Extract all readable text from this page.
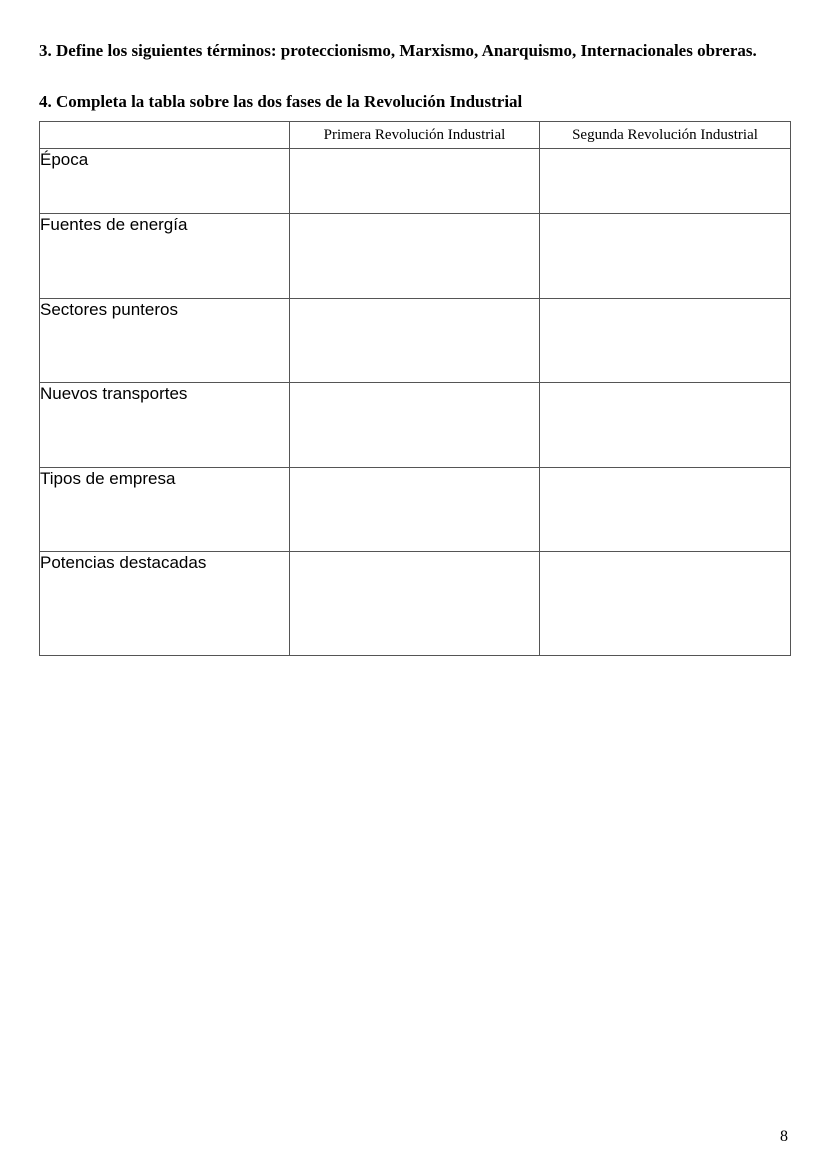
3. Define los siguientes términos: proteccionismo, Marxismo, Anarquismo, Internacionales obreras.
4. Completa la tabla sobre las dos fases de la Revolución Industrial
	Primera Revolución Industrial	Segunda Revolución Industrial
Época		
Fuentes de energía		
Sectores punteros		
Nuevos transportes		
Tipos de empresa		
Potencias destacadas		
8
